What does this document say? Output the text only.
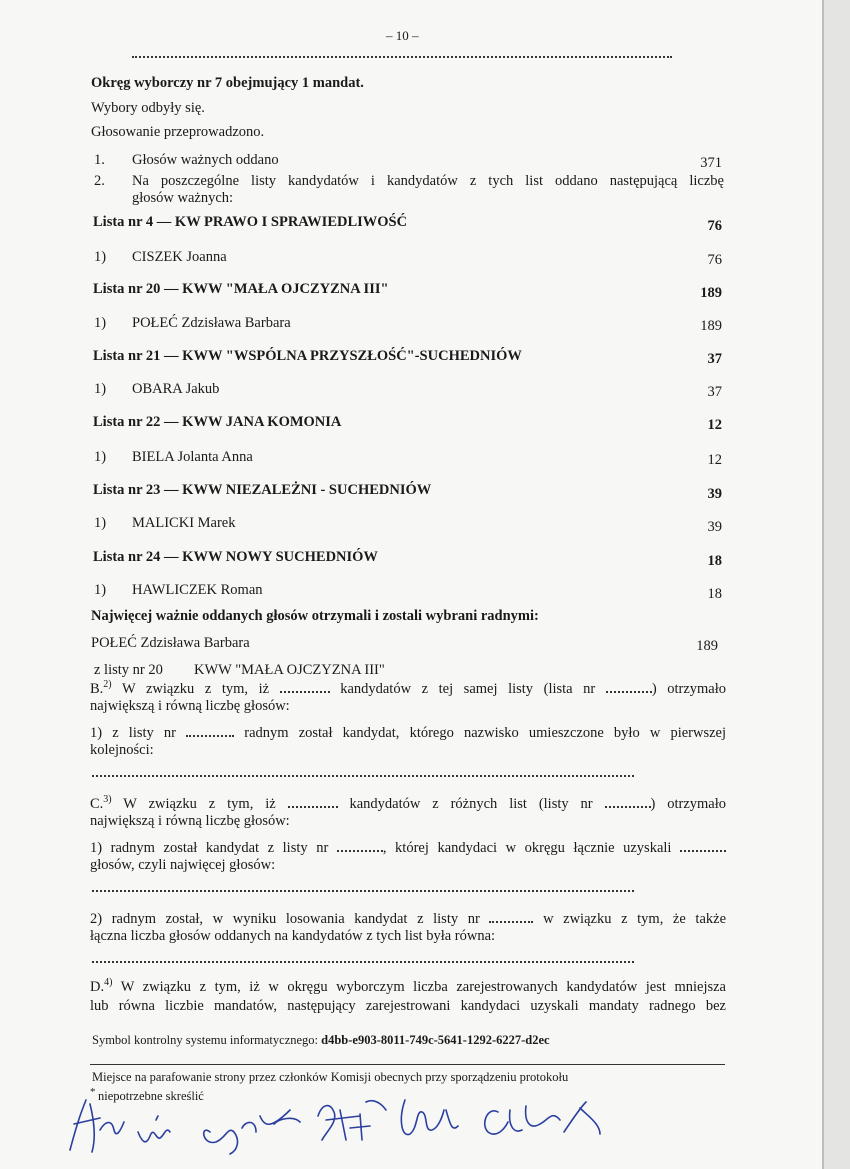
– 10 –
Okręg wyborczy nr 7 obejmujący 1 mandat.
Wybory odbyły się.
Głosowanie przeprowadzono.
1. Głosów ważnych oddano	371
2. Na poszczególne listy kandydatów i kandydatów z tych list oddano następującą liczbę
głosów ważnych:
Lista nr 4 — KW PRAWO I SPRAWIEDLIWOŚĆ	76
1) CISZEK Joanna	76
Lista nr 20 — KWW "MAŁA OJCZYZNA III"	189
1) POŁEĆ Zdzisława Barbara	189
Lista nr 21 — KWW "WSPÓLNA PRZYSZŁOŚĆ"-SUCHEDNIÓW	37
1) OBARA Jakub	37
Lista nr 22 — KWW JANA KOMONIA	12
1) BIELA Jolanta Anna	12
Lista nr 23 — KWW NIEZALEŻNI - SUCHEDNIÓW	39
1) MALICKI Marek	39
Lista nr 24 — KWW NOWY SUCHEDNIÓW	18
1) HAWLICZEK Roman	18
Najwięcej ważnie oddanych głosów otrzymali i zostali wybrani radnymi:
POŁEĆ Zdzisława Barbara	189
z listy nr 20 KWW "MAŁA OJCZYZNA III"
B.$^{2)}$ W związku z tym, iż	kandydatów z tej samej listy (lista nr	) otrzymało
największą i równą liczbę głosów:
1) z listy nr	radnym został kandydat, którego nazwisko umieszczone było w pierwszej
kolejności:
C.$^{3)}$ W związku z tym, iż	kandydatów z różnych list (listy nr	) otrzymało
największą i równą liczbę głosów:
1) radnym został kandydat z listy nr	, której kandydaci w okręgu łącznie uzyskali
głosów, czyli najwięcej głosów:
2) radnym został, w wyniku losowania kandydat z listy nr	w związku z tym, że także
łączna liczba głosów oddanych na kandydatów z tych list była równa:
D.$^{4)}$ W związku z tym, iż w okręgu wyborczym liczba zarejestrowanych kandydatów jest mniejsza
lub równa liczbie mandatów, następujący zarejestrowani kandydaci uzyskali mandaty radnego bez
Symbol kontrolny systemu informatycznego: d4bb-e903-8011-749c-5641-1292-6227-d2ec
Miejsce na parafowanie strony przez członków Komisji obecnych przy sporządzeniu protokołu
* niepotrzebne skreślić
